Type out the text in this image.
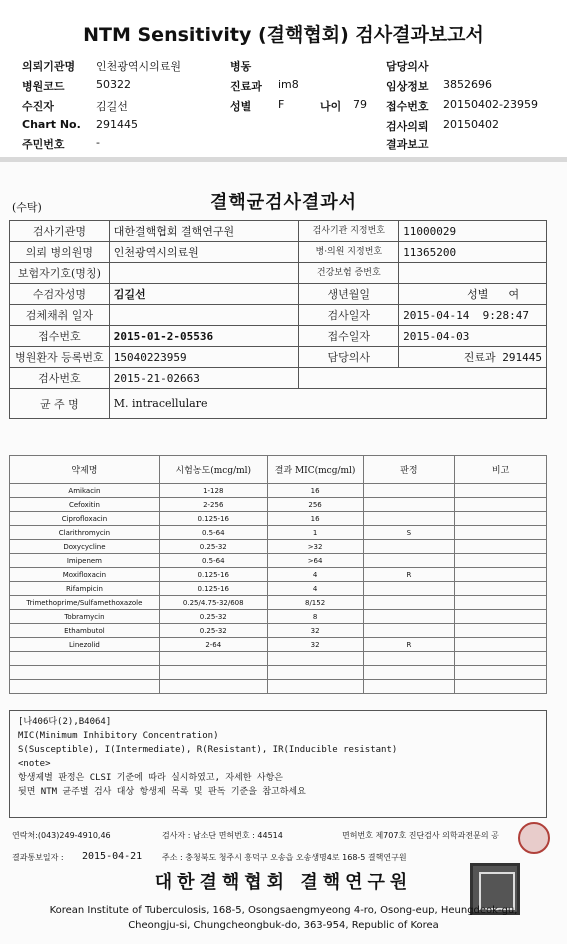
NTM Sensitivity (결핵협회) 검사결과보고서
의뢰기관명 인천광역시의료원	병동	담당의사
병원코드	50322	진료과 im8	임상정보 3852696
수진자	김길선	성별 F	나이 79 접수번호 20150402-23959
Chart No. 291445	검사의뢰 20150402
주민번호	-	결과보고
(수탁)	결핵균검사결과서
검사기관명	대한결핵협회 결핵연구원	검사기관 지정번호	11000029
의뢰 병의원명	인천광역시의료원	병·의원 지정번호	11365200
보험자기호(명칭)		건강보험 증번호	
수검자성명	김길선	생년월일	성별 여
검체채취 일자		검사일자	2015-04-14 9:28:47
접수번호	2015-01-2-05536	접수일자	2015-04-03
병원환자 등록번호	15040223959	담당의사	진료과 291445
검사번호	2015-21-02663		
균 주 명	M. intracellulare		
약제명	시험농도(mcg/ml)	결과 MIC(mcg/ml)	판정	비고
Amikacin	1-128	16		
Cefoxitin	2-256	256		
Ciprofloxacin	0.125-16	16		
Clarithromycin	0.5-64	1	S	
Doxycycline	0.25-32	>32		
Imipenem	0.5-64	>64		
Moxifloxacin	0.125-16	4	R	
Rifampicin	0.125-16	4		
Trimethoprime/Sulfamethoxazole	0.25/4.75-32/608	8/152		
Tobramycin	0.25-32	8		
Ethambutol	0.25-32	32		
Linezolid	2-64	32	R	

[나406다(2),B4064]
MIC(Minimum Inhibitory Concentration)
S(Susceptible), I(Intermediate), R(Resistant), IR(Inducible resistant)
<note>
항생제별 판정은 CLSI 기준에 따라 실시하였고, 자세한 사항은
뒷면 NTM 균주별 검사 대상 항생제 목록 및 판독 기준을 참고하세요
연락처:(043)249-4910,46	검사자 : 남소단 면허번호 : 44514	면허번호 제707호 진단검사 의학과전문의 공
결과통보일자 : 2015-04-21 주소 : 충청북도 청주시 흥덕구 오송읍 오송생명4로 168-5 결핵연구원
대한결핵협회 결핵연구원
Korean Institute of Tuberculosis, 168-5, Osongsaengmyeong 4-ro, Osong-eup, Heungdeok-gu,
Cheongju-si, Chungcheongbuk-do, 363-954, Republic of Korea
